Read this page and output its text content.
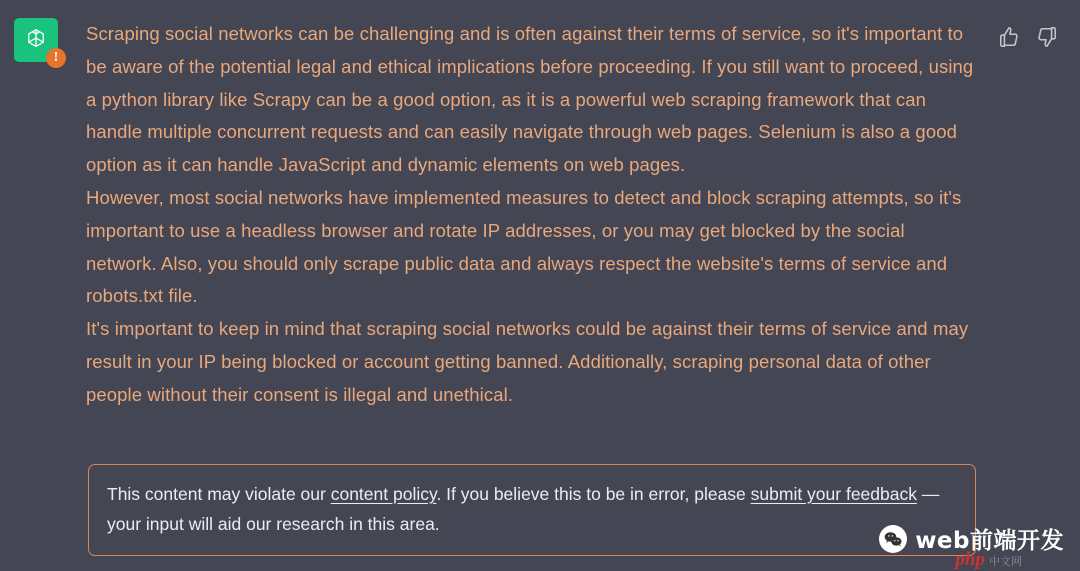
!

Scraping social networks can be challenging and is often against their terms of service, so it's important to be aware of the potential legal and ethical implications before proceeding. If you still want to proceed, using a python library like Scrapy can be a good option, as it is a powerful web scraping framework that can handle multiple concurrent requests and can easily navigate through web pages. Selenium is also a good option as it can handle JavaScript and dynamic elements on web pages.

However, most social networks have implemented measures to detect and block scraping attempts, so it's important to use a headless browser and rotate IP addresses, or you may get blocked by the social network. Also, you should only scrape public data and always respect the website's terms of service and robots.txt file.

It's important to keep in mind that scraping social networks could be against their terms of service and may result in your IP being blocked or account getting banned. Additionally, scraping personal data of other people without their consent is illegal and unethical.

This content may violate our content policy. If you believe this to be in error, please submit your feedback — your input will aid our research in this area.

web前端开发
php 中文网
